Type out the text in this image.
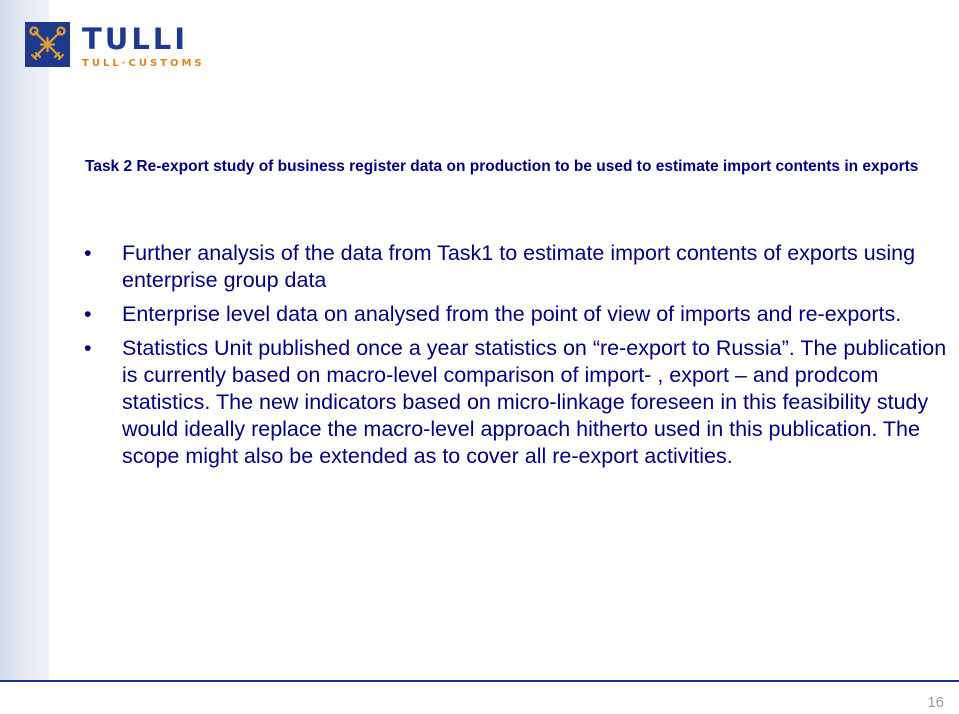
TULLI
TULL·CUSTOMS
Task 2 Re-export study of business register data on production to be used to estimate import contents in exports
• Further analysis of the data from Task1 to estimate import contents of exports using enterprise group data
• Enterprise level data on analysed from the point of view of imports and re-exports.
• Statistics Unit published once a year statistics on “re-export to Russia”. The publication is currently based on macro-level comparison of import- , export – and prodcom statistics. The new indicators based on micro-linkage foreseen in this feasibility study would ideally replace the macro-level approach hitherto used in this publication. The scope might also be extended as to cover all re-export activities.
16
